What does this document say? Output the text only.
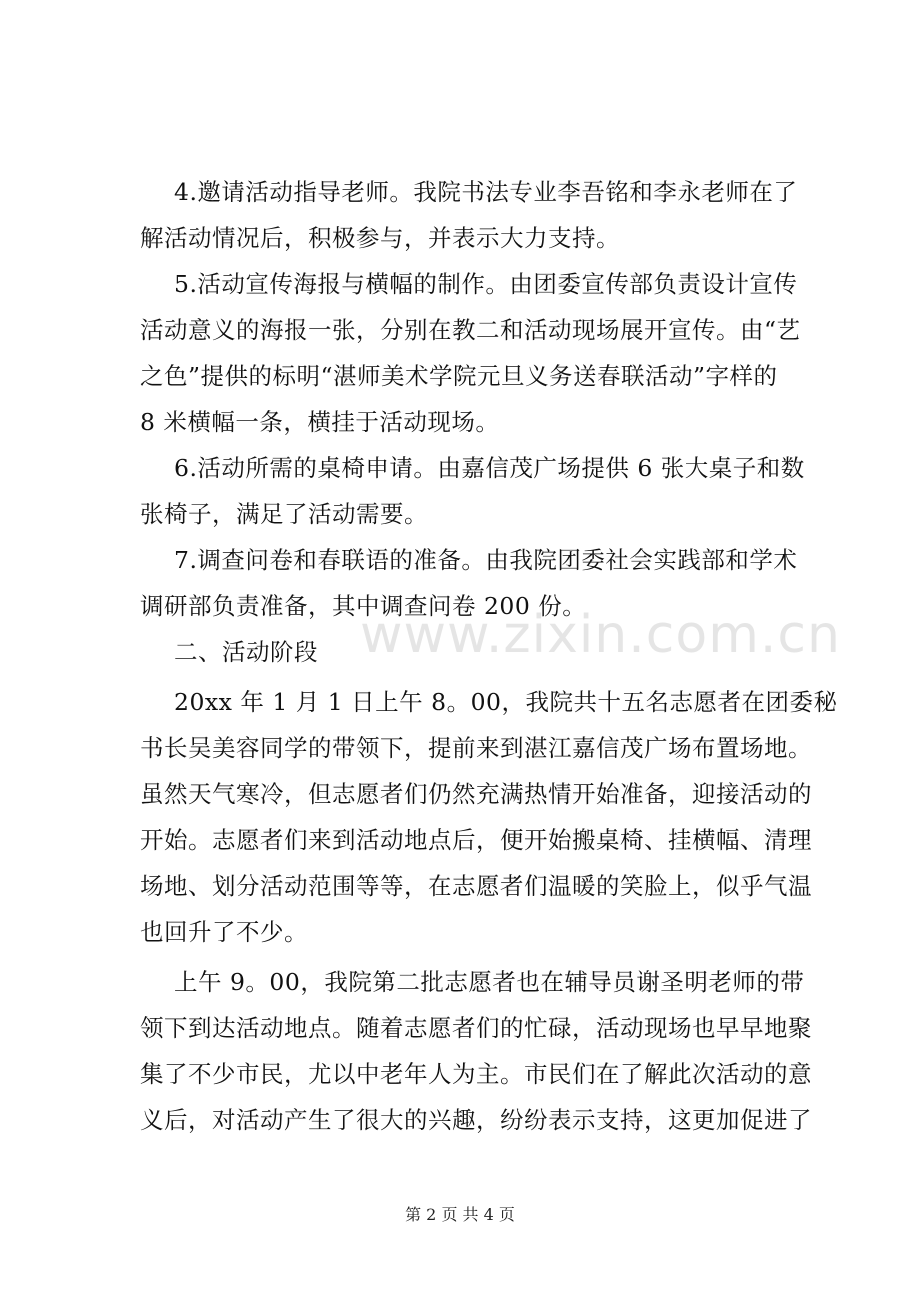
4.邀请活动指导老师。我院书法专业李吾铭和李永老师在了
解活动情况后，积极参与，并表示大力支持。
5.活动宣传海报与横幅的制作。由团委宣传部负责设计宣传
活动意义的海报一张，分别在教二和活动现场展开宣传。由“艺
之色”提供的标明“湛师美术学院元旦义务送春联活动”字样的
8 米横幅一条，横挂于活动现场。
6.活动所需的桌椅申请。由嘉信茂广场提供 6 张大桌子和数
张椅子，满足了活动需要。
7.调查问卷和春联语的准备。由我院团委社会实践部和学术
调研部负责准备，其中调查问卷 200 份。
二、活动阶段
20xx 年 1 月 1 日上午 8。00，我院共十五名志愿者在团委秘
书长吴美容同学的带领下，提前来到湛江嘉信茂广场布置场地。
虽然天气寒冷，但志愿者们仍然充满热情开始准备，迎接活动的
开始。志愿者们来到活动地点后，便开始搬桌椅、挂横幅、清理
场地、划分活动范围等等，在志愿者们温暖的笑脸上，似乎气温
也回升了不少。
上午 9。00，我院第二批志愿者也在辅导员谢圣明老师的带
领下到达活动地点。随着志愿者们的忙碌，活动现场也早早地聚
集了不少市民，尤以中老年人为主。市民们在了解此次活动的意
义后，对活动产生了很大的兴趣，纷纷表示支持，这更加促进了
www.zixin.com.cn
第 2 页 共 4 页
